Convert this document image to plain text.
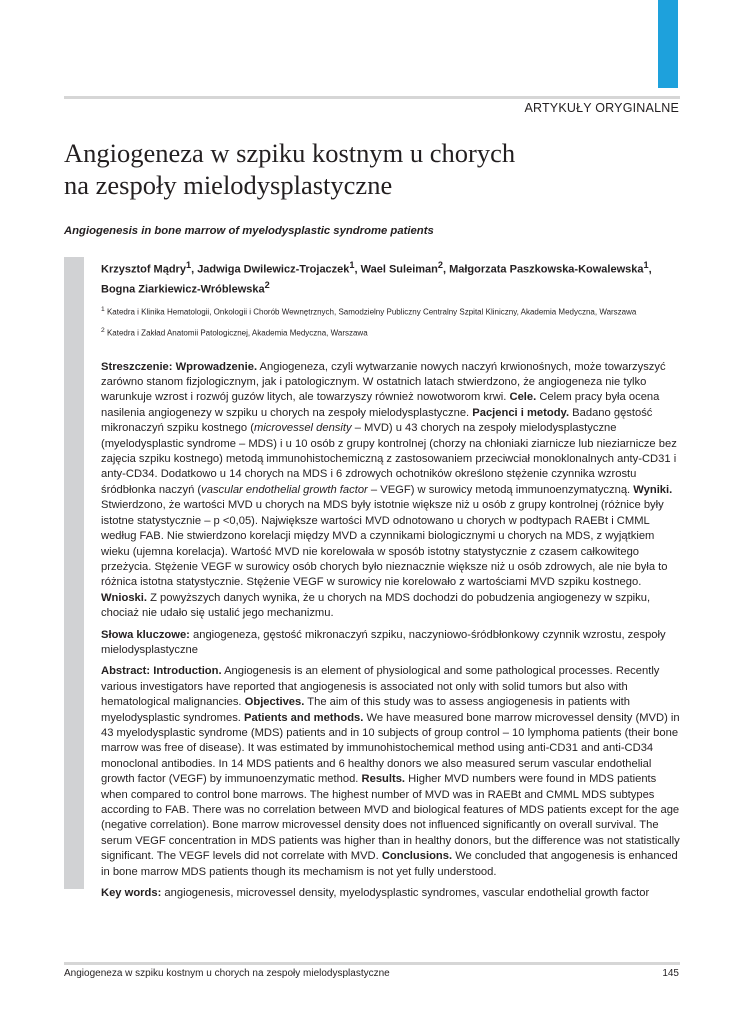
ARTYKUŁY ORYGINALNE
Angiogeneza w szpiku kostnym u chorych
na zespoły mielodysplastyczne
Angiogenesis in bone marrow of myelodysplastic syndrome patients

Krzysztof Mądry$^1$, Jadwiga Dwilewicz-Trojaczek$^1$, Wael Suleiman$^2$, Małgorzata Paszkowska-Kowalewska$^1$,
Bogna Ziarkiewicz-Wróblewska$^2$

$^1$ Katedra i Klinika Hematologii, Onkologii i Chorób Wewnętrznych, Samodzielny Publiczny Centralny Szpital Kliniczny, Akademia Medyczna, Warszawa

$^2$ Katedra i Zakład Anatomii Patologicznej, Akademia Medyczna, Warszawa

Streszczenie: Wprowadzenie. Angiogeneza, czyli wytwarzanie nowych naczyń krwionośnych, może towarzyszyć zarówno stanom fizjologicznym, jak i patologicznym. W ostatnich latach stwierdzono, że angiogeneza nie tylko warunkuje wzrost i rozwój guzów litych, ale towarzyszy również nowotworom krwi. Cele. Celem pracy była ocena nasilenia angiogenezy w szpiku u chorych na zespoły mielodysplastyczne. Pacjenci i metody. Badano gęstość mikronaczyń szpiku kostnego (microvessel density – MVD) u 43 chorych na zespoły mielodysplastyczne (myelodysplastic syndrome – MDS) i u 10 osób z grupy kontrolnej (chorzy na chłoniaki ziarnicze lub nieziarnicze bez zajęcia szpiku kostnego) metodą immunohistochemiczną z zastosowaniem przeciwciał monoklonalnych anty-CD31 i anty-CD34. Dodatkowo u 14 chorych na MDS i 6 zdrowych ochotników określono stężenie czynnika wzrostu śródbłonka naczyń (vascular endothelial growth factor – VEGF) w surowicy metodą immunoenzymatyczną. Wyniki. Stwierdzono, że wartości MVD u chorych na MDS były istotnie większe niż u osób z grupy kontrolnej (różnice były istotne statystycznie – p <0,05). Największe wartości MVD odnotowano u chorych w podtypach RAEBt i CMML według FAB. Nie stwierdzono korelacji między MVD a czynnikami biologicznymi u chorych na MDS, z wyjątkiem wieku (ujemna korelacja). Wartość MVD nie korelowała w sposób istotny statystycznie z czasem całkowitego przeżycia. Stężenie VEGF w surowicy osób chorych było nieznacznie większe niż u osób zdrowych, ale nie była to różnica istotna statystycznie. Stężenie VEGF w surowicy nie korelowało z wartościami MVD szpiku kostnego. Wnioski. Z powyższych danych wynika, że u chorych na MDS dochodzi do pobudzenia angiogenezy w szpiku, chociaż nie udało się ustalić jego mechanizmu.

Słowa kluczowe: angiogeneza, gęstość mikronaczyń szpiku, naczyniowo-śródbłonkowy czynnik wzrostu, zespoły mielodysplastyczne

Abstract: Introduction. Angiogenesis is an element of physiological and some pathological processes. Recently various investigators have reported that angiogenesis is associated not only with solid tumors but also with hematological malignancies. Objectives. The aim of this study was to assess angiogenesis in patients with myelodysplastic syndromes. Patients and methods. We have measured bone marrow microvessel density (MVD) in 43 myelodysplastic syndrome (MDS) patients and in 10 subjects of group control – 10 lymphoma patients (their bone marrow was free of disease). It was estimated by immunohistochemical method using anti-CD31 and anti-CD34 monoclonal antibodies. In 14 MDS patients and 6 healthy donors we also measured serum vascular endothelial growth factor (VEGF) by immunoenzymatic method. Results. Higher MVD numbers were found in MDS patients when compared to control bone marrows. The highest number of MVD was in RAEBt and CMML MDS subtypes according to FAB. There was no correlation between MVD and biological features of MDS patients except for the age (negative correlation). Bone marrow microvessel density does not influenced significantly on overall survival. The serum VEGF concentration in MDS patients was higher than in healthy donors, but the difference was not statistically significant. The VEGF levels did not correlate with MVD. Conclusions. We concluded that angogenesis is enhanced in bone marrow MDS patients though its mechamism is not yet fully understood.

Key words: angiogenesis, microvessel density, myelodysplastic syndromes, vascular endothelial growth factor

Angiogeneza w szpiku kostnym u chorych na zespoły mielodysplastyczne	145
